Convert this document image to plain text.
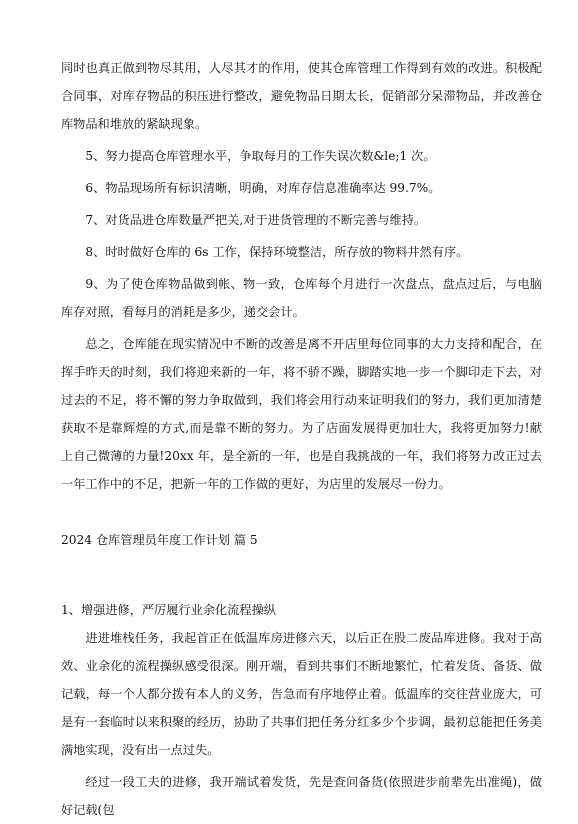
同时也真正做到物尽其用，人尽其才的作用，使其仓库管理工作得到有效的改进。积极配合同事，对库存物品的积压进行整改，避免物品日期太长，促销部分呆滞物品，并改善仓库物品和堆放的紧缺现象。

5、努力提高仓库管理水平，争取每月的工作失误次数&le;1 次。

6、物品现场所有标识清晰，明确，对库存信息准确率达 99.7%。

7、对货品进仓库数量严把关,对于进货管理的不断完善与维持。

8、时时做好仓库的 6s 工作，保持环境整洁，所存放的物料井然有序。

9、为了使仓库物品做到帐、物一致，仓库每个月进行一次盘点，盘点过后，与电脑库存对照，看每月的消耗是多少，递交会计。

总之，仓库能在现实情况中不断的改善是离不开店里每位同事的大力支持和配合，在挥手昨天的时刻，我们将迎来新的一年，将不骄不躁，脚踏实地一步一个脚印走下去，对过去的不足，将不懈的努力争取做到，我们将会用行动来证明我们的努力，我们更加清楚获取不是靠辉煌的方式,而是靠不断的努力。为了店面发展得更加壮大，我将更加努力!献上自己微薄的力量!20xx 年，是全新的一年，也是自我挑战的一年，我们将努力改正过去一年工作中的不足，把新一年的工作做的更好，为店里的发展尽一份力。

2024 仓库管理员年度工作计划 篇 5

1、增强进修，严厉履行业余化流程操纵

进进堆栈任务，我起首正在低温库房进修六天，以后正在股二废品库进修。我对于高效、业余化的流程操纵感受很深。刚开端，看到共事们不断地繁忙，忙着发货、备货、做记载，每一个人都分拨有本人的义务，告急而有序地停止着。低温库的交往营业庞大，可是有一套临时以来积聚的经历，协助了共事们把任务分红多少个步调，最初总能把任务美满地实现，没有出一点过失。

经过一段工夫的进修，我开端试着发货，先是查问备货(依照进步前辈先出准绳)，做好记载(包
